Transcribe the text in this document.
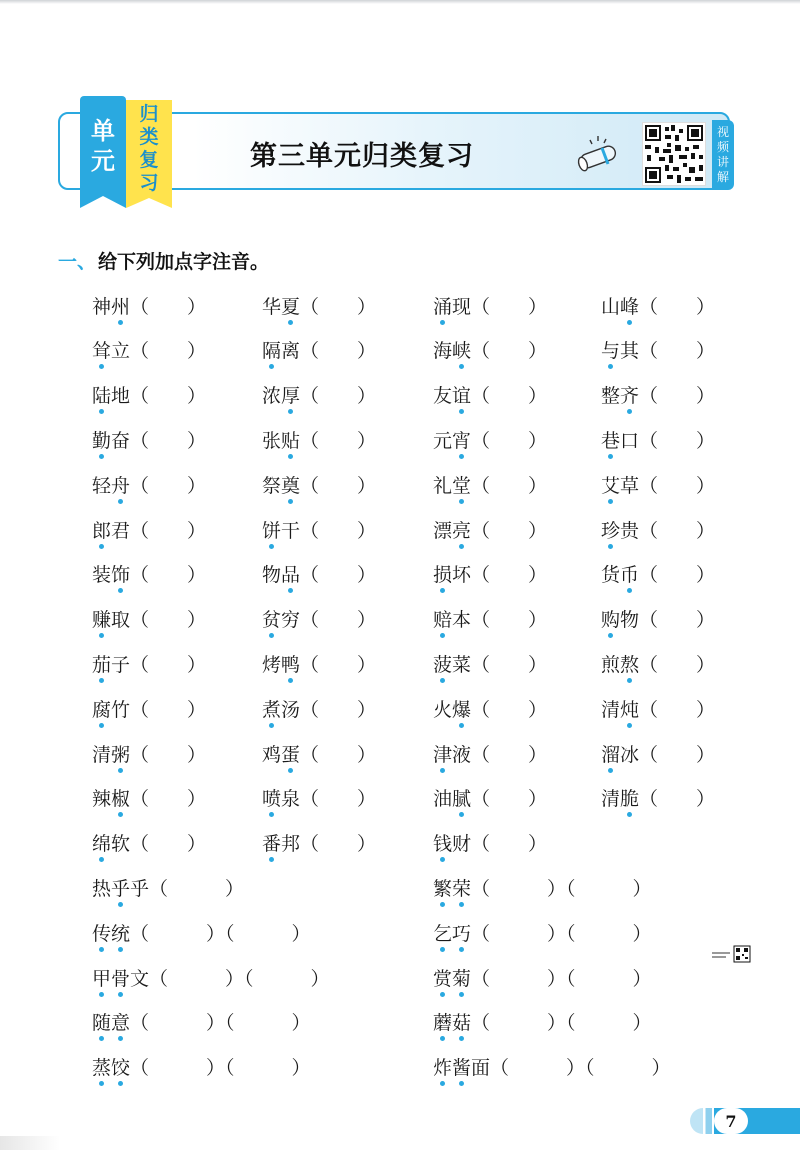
单
元
归
类
复
习
第三单元归类复习
视
频
讲
解
一、 给下列加点字注音。
神 州 （　　）	华 夏 （　　）	涌 现 （　　）	山 峰 （　　）
耸 立 （　　）	隔 离 （　　）	海 峡 （　　）	与 其 （　　）
陆 地 （　　）	浓 厚 （　　）	友 谊 （　　）	整 齐 （　　）
勤 奋 （　　）	张 贴 （　　）	元 宵 （　　）	巷 口 （　　）
轻 舟 （　　）	祭 奠 （　　）	礼 堂 （　　）	艾 草 （　　）
郎 君 （　　）	饼 干 （　　）	漂 亮 （　　）	珍 贵 （　　）
装 饰 （　　）	物 品 （　　）	损 坏 （　　）	货 币 （　　）
赚 取 （　　）	贫 穷 （　　）	赔 本 （　　）	购 物 （　　）
茄 子 （　　）	烤 鸭 （　　）	菠 菜 （　　）	煎 熬 （　　）
腐 竹 （　　）	煮 汤 （　　）	火 爆 （　　）	清 炖 （　　）
清 粥 （　　）	鸡 蛋 （　　）	津 液 （　　）	溜 冰 （　　）
辣 椒 （　　）	喷 泉 （　　）	油 腻 （　　）	清 脆 （　　）
绵 软 （　　）	番 邦 （　　）	钱 财 （　　）
热 乎 乎 （　　　）	繁 荣 （　　　）（　　　）
传 统 （　　　）（　　　）	乞 巧 （　　　）（　　　）
甲 骨 文 （　　　）（　　　）	赏 菊 （　　　）（　　　）
随 意 （　　　）（　　　）	蘑 菇 （　　　）（　　　）
蒸 饺 （　　　）（　　　）	炸 酱 面 （　　　）（　　　）
7
